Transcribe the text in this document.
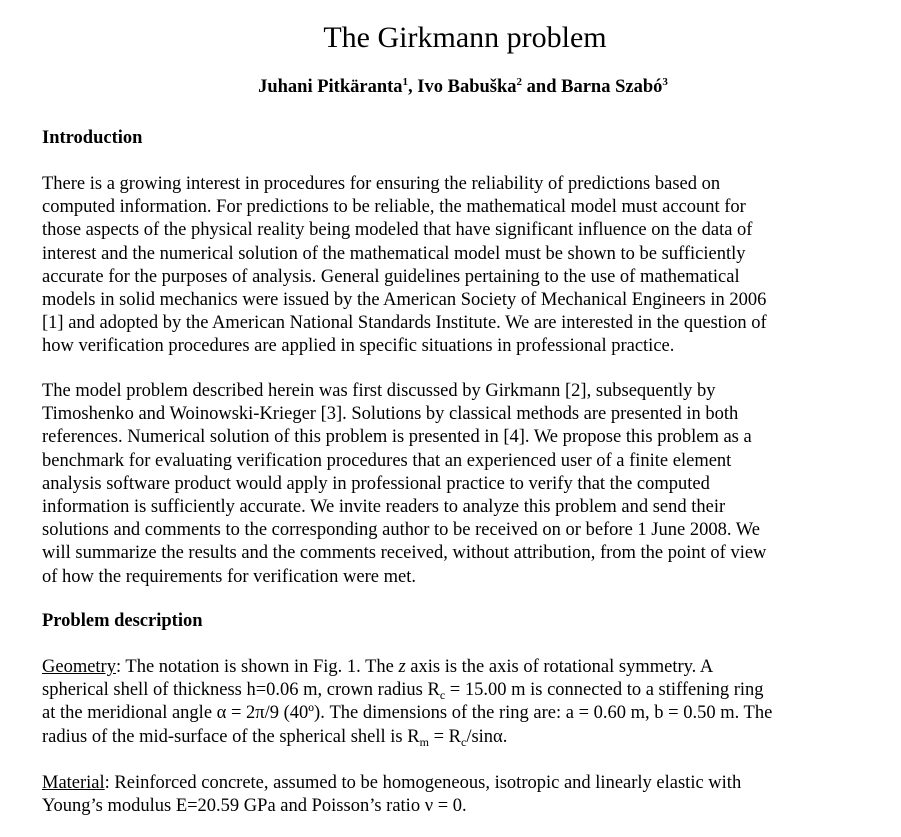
The Girkmann problem
Juhani Pitkäranta$^1$, Ivo Babuška$^2$ and Barna Szabó$^3$
Introduction
There is a growing interest in procedures for ensuring the reliability of predictions based on
computed information. For predictions to be reliable, the mathematical model must account for
those aspects of the physical reality being modeled that have significant influence on the data of
interest and the numerical solution of the mathematical model must be shown to be sufficiently
accurate for the purposes of analysis. General guidelines pertaining to the use of mathematical
models in solid mechanics were issued by the American Society of Mechanical Engineers in 2006
[1] and adopted by the American National Standards Institute. We are interested in the question of
how verification procedures are applied in specific situations in professional practice.
The model problem described herein was first discussed by Girkmann [2], subsequently by
Timoshenko and Woinowski-Krieger [3]. Solutions by classical methods are presented in both
references. Numerical solution of this problem is presented in [4]. We propose this problem as a
benchmark for evaluating verification procedures that an experienced user of a finite element
analysis software product would apply in professional practice to verify that the computed
information is sufficiently accurate. We invite readers to analyze this problem and send their
solutions and comments to the corresponding author to be received on or before 1 June 2008. We
will summarize the results and the comments received, without attribution, from the point of view
of how the requirements for verification were met.
Problem description
Geometry: The notation is shown in Fig. 1. The z axis is the axis of rotational symmetry. A
spherical shell of thickness h=0.06 m, crown radius $R_c = 15.00$ m is connected to a stiffening ring
at the meridional angle α = 2π/9 (40º). The dimensions of the ring are: a = 0.60 m, b = 0.50 m. The
radius of the mid-surface of the spherical shell is $R_m = R_c/\sin\alpha$.
Material: Reinforced concrete, assumed to be homogeneous, isotropic and linearly elastic with
Young’s modulus E=20.59 GPa and Poisson’s ratio ν = 0.
